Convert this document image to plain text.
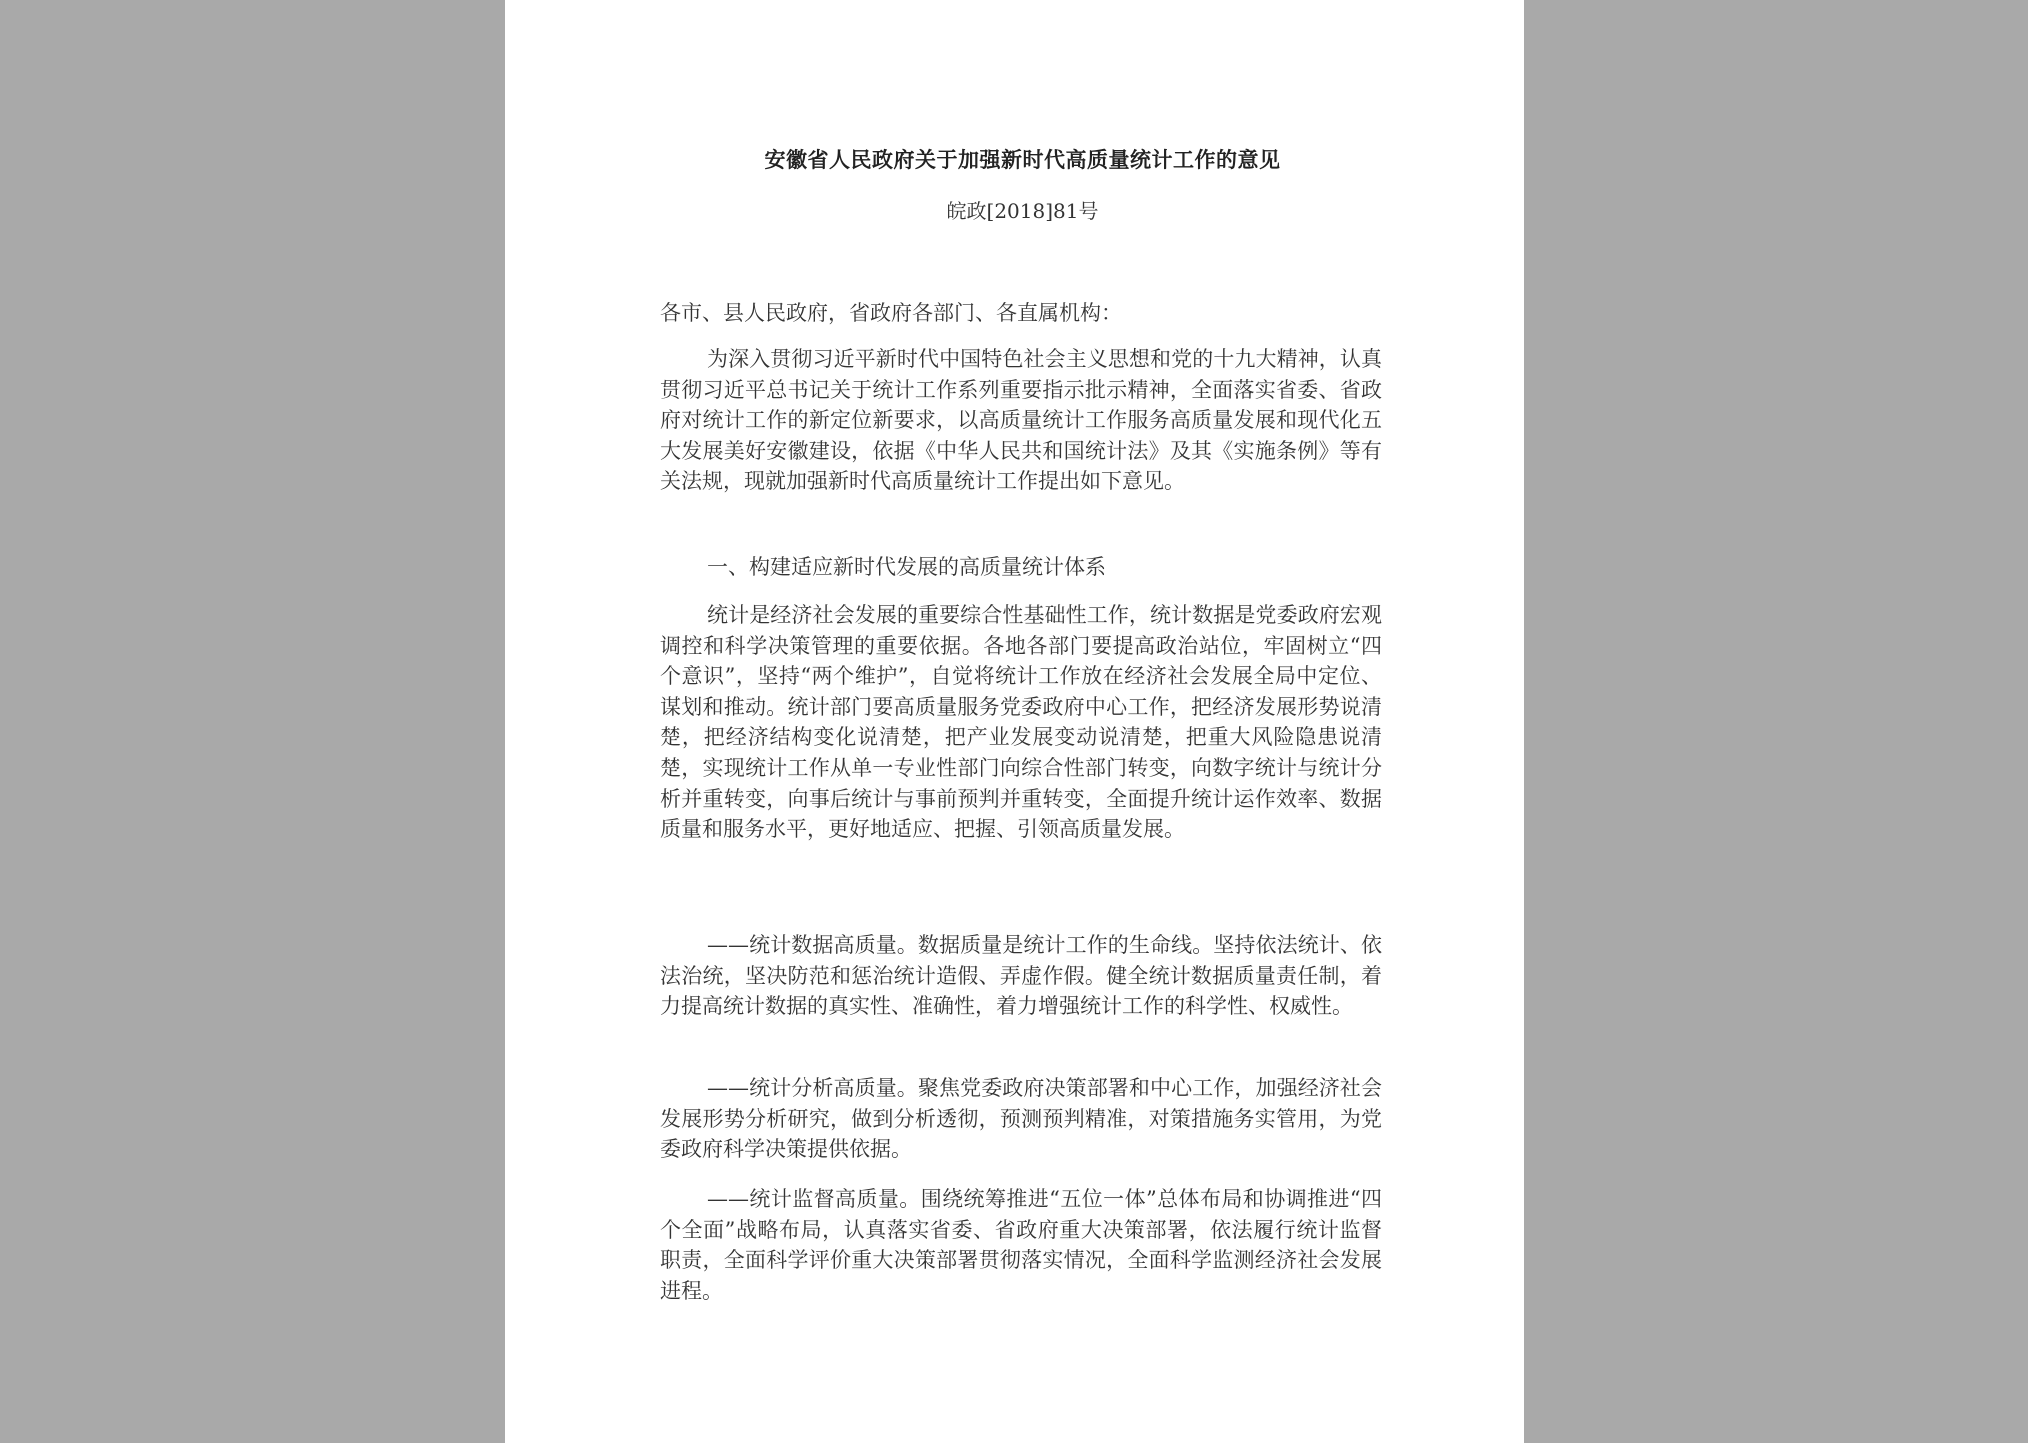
安徽省人民政府关于加强新时代高质量统计工作的意见
皖政[2018]81号
各市、县人民政府，省政府各部门、各直属机构：

为深入贯彻习近平新时代中国特色社会主义思想和党的十九大精神，认真贯彻习近平总书记关于统计工作系列重要指示批示精神，全面落实省委、省政府对统计工作的新定位新要求，以高质量统计工作服务高质量发展和现代化五大发展美好安徽建设，依据《中华人民共和国统计法》及其《实施条例》等有关法规，现就加强新时代高质量统计工作提出如下意见。

一、构建适应新时代发展的高质量统计体系

统计是经济社会发展的重要综合性基础性工作，统计数据是党委政府宏观调控和科学决策管理的重要依据。各地各部门要提高政治站位，牢固树立“四个意识”，坚持“两个维护”，自觉将统计工作放在经济社会发展全局中定位、谋划和推动。统计部门要高质量服务党委政府中心工作，把经济发展形势说清楚，把经济结构变化说清楚，把产业发展变动说清楚，把重大风险隐患说清楚，实现统计工作从单一专业性部门向综合性部门转变，向数字统计与统计分析并重转变，向事后统计与事前预判并重转变，全面提升统计运作效率、数据质量和服务水平，更好地适应、把握、引领高质量发展。

——统计数据高质量。数据质量是统计工作的生命线。坚持依法统计、依法治统，坚决防范和惩治统计造假、弄虚作假。健全统计数据质量责任制，着力提高统计数据的真实性、准确性，着力增强统计工作的科学性、权威性。

——统计分析高质量。聚焦党委政府决策部署和中心工作，加强经济社会发展形势分析研究，做到分析透彻，预测预判精准，对策措施务实管用，为党委政府科学决策提供依据。

——统计监督高质量。围绕统筹推进“五位一体”总体布局和协调推进“四个全面”战略布局，认真落实省委、省政府重大决策部署，依法履行统计监督职责，全面科学评价重大决策部署贯彻落实情况，全面科学监测经济社会发展进程。
